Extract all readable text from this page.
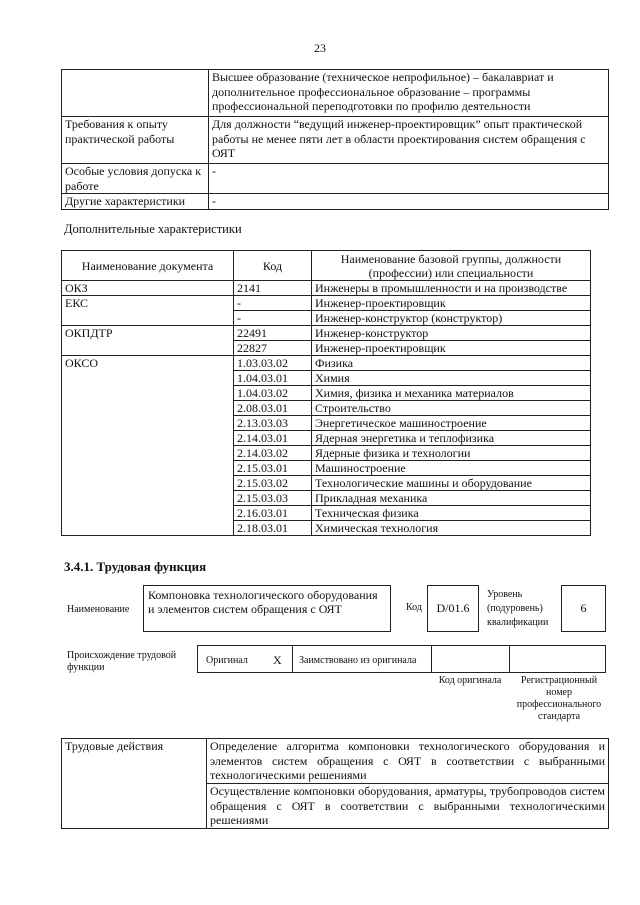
23
	Высшее образование (техническое непрофильное) – бакалавриат и дополнительное профессиональное образование – программы профессиональной переподготовки по профилю деятельности
Требования к опыту практической работы	Для должности “ведущий инженер-проектировщик” опыт практической работы не менее пяти лет в области проектирования систем обращения с ОЯТ
Особые условия допуска к работе	-
Другие характеристики	-
Дополнительные характеристики
Наименование документа	Код	Наименование базовой группы, должности (профессии) или специальности
ОКЗ	2141	Инженеры в промышленности и на производстве
ЕКС	-	Инженер-проектировщик
	-	Инженер-конструктор (конструктор)
ОКПДТР	22491	Инженер-конструктор
	22827	Инженер-проектировщик
ОКСО	1.03.03.02	Физика
	1.04.03.01	Химия
	1.04.03.02	Химия, физика и механика материалов
	2.08.03.01	Строительство
	2.13.03.03	Энергетическое машиностроение
	2.14.03.01	Ядерная энергетика и теплофизика
	2.14.03.02	Ядерные физика и технологии
	2.15.03.01	Машиностроение
	2.15.03.02	Технологические машины и оборудование
	2.15.03.03	Прикладная механика
	2.16.03.01	Техническая физика
	2.18.03.01	Химическая технология
3.4.1. Трудовая функция
Наименование
Компоновка технологического оборудования и элементов систем обращения с ОЯТ	Код	D/01.6
Уровень (подуровень) квалификации
6
Происхождение трудовой функции
Оригинал X Заимствовано из оригинала
Код оригинала	Регистрационный номер профессионального стандарта
Трудовые действия	Определение алгоритма компоновки технологического оборудования и элементов систем обращения с ОЯТ в соответствии с выбранными технологическими решениями
Осуществление компоновки оборудования, арматуры, трубопроводов систем обращения с ОЯТ в соответствии с выбранными технологическими решениями
